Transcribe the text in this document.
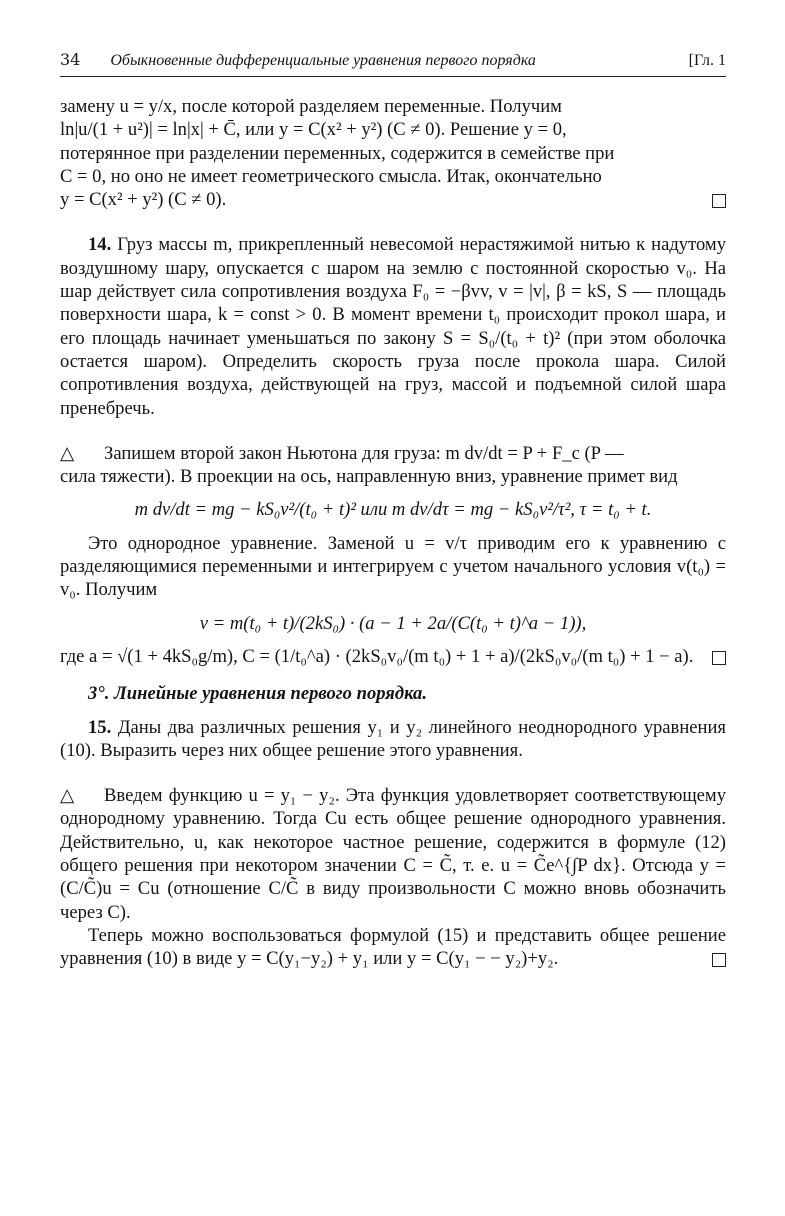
34 Обыкновенные дифференциальные уравнения первого порядка	[Гл. 1

замену u = y/x, после которой разделяем переменные. Получим

ln|u/(1 + u²)| = ln|x| + C̄, или y = C(x² + y²) (C ≠ 0). Решение y = 0,

потерянное при разделении переменных, содержится в семействе при

C = 0, но оно не имеет геометрического смысла. Итак, окончательно

y = C(x² + y²) (C ≠ 0).

14. Груз массы m, прикрепленный невесомой нерастяжимой нитью к надутому воздушному шару, опускается с шаром на землю с постоянной скоростью v₀. На шар действует сила сопротивления воздуха F₀ = −βvv, v = |v|, β = kS, S — площадь поверхности шара, k = const > 0. В момент времени t₀ происходит прокол шара, и его площадь начинает уменьшаться по закону S = S₀/(t₀ + t)² (при этом оболочка остается шаром). Определить скорость груза после прокола шара. Силой сопротивления воздуха, действующей на груз, массой и подъемной силой шара пренебречь.

△ Запишем второй закон Ньютона для груза: m dv/dt = P + F_c (P —

сила тяжести). В проекции на ось, направленную вниз, уравнение примет вид

m dv/dt = mg − kS₀v²/(t₀ + t)² или m dv/dτ = mg − kS₀v²/τ², τ = t₀ + t.

Это однородное уравнение. Заменой u = v/τ приводим его к уравнению с разделяющимися переменными и интегрируем с учетом начального условия v(t₀) = v₀. Получим

v = m(t₀ + t)/(2kS₀) · (a − 1 + 2a/(C(t₀ + t)^a − 1)),

где a = √(1 + 4kS₀g/m), C = (1/t₀^a) · (2kS₀v₀/(m t₀) + 1 + a)/(2kS₀v₀/(m t₀) + 1 − a).

3°. Линейные уравнения первого порядка.

15. Даны два различных решения y₁ и y₂ линейного неоднородного уравнения (10). Выразить через них общее решение этого уравнения.

△ Введем функцию u = y₁ − y₂. Эта функция удовлетворяет соответствующему однородному уравнению. Тогда Cu есть общее решение однородного уравнения. Действительно, u, как некоторое частное решение, содержится в формуле (12) общего решения при некотором значении C = C̃, т. е. u = C̃e^{∫P dx}. Отсюда y = (C/C̃)u = Cu (отношение C/C̃ в виду произвольности C можно вновь обозначить через C).

Теперь можно воспользоваться формулой (15) и представить общее решение уравнения (10) в виде y = C(y₁−y₂) + y₁ или y = C(y₁ − − y₂)+y₂.
